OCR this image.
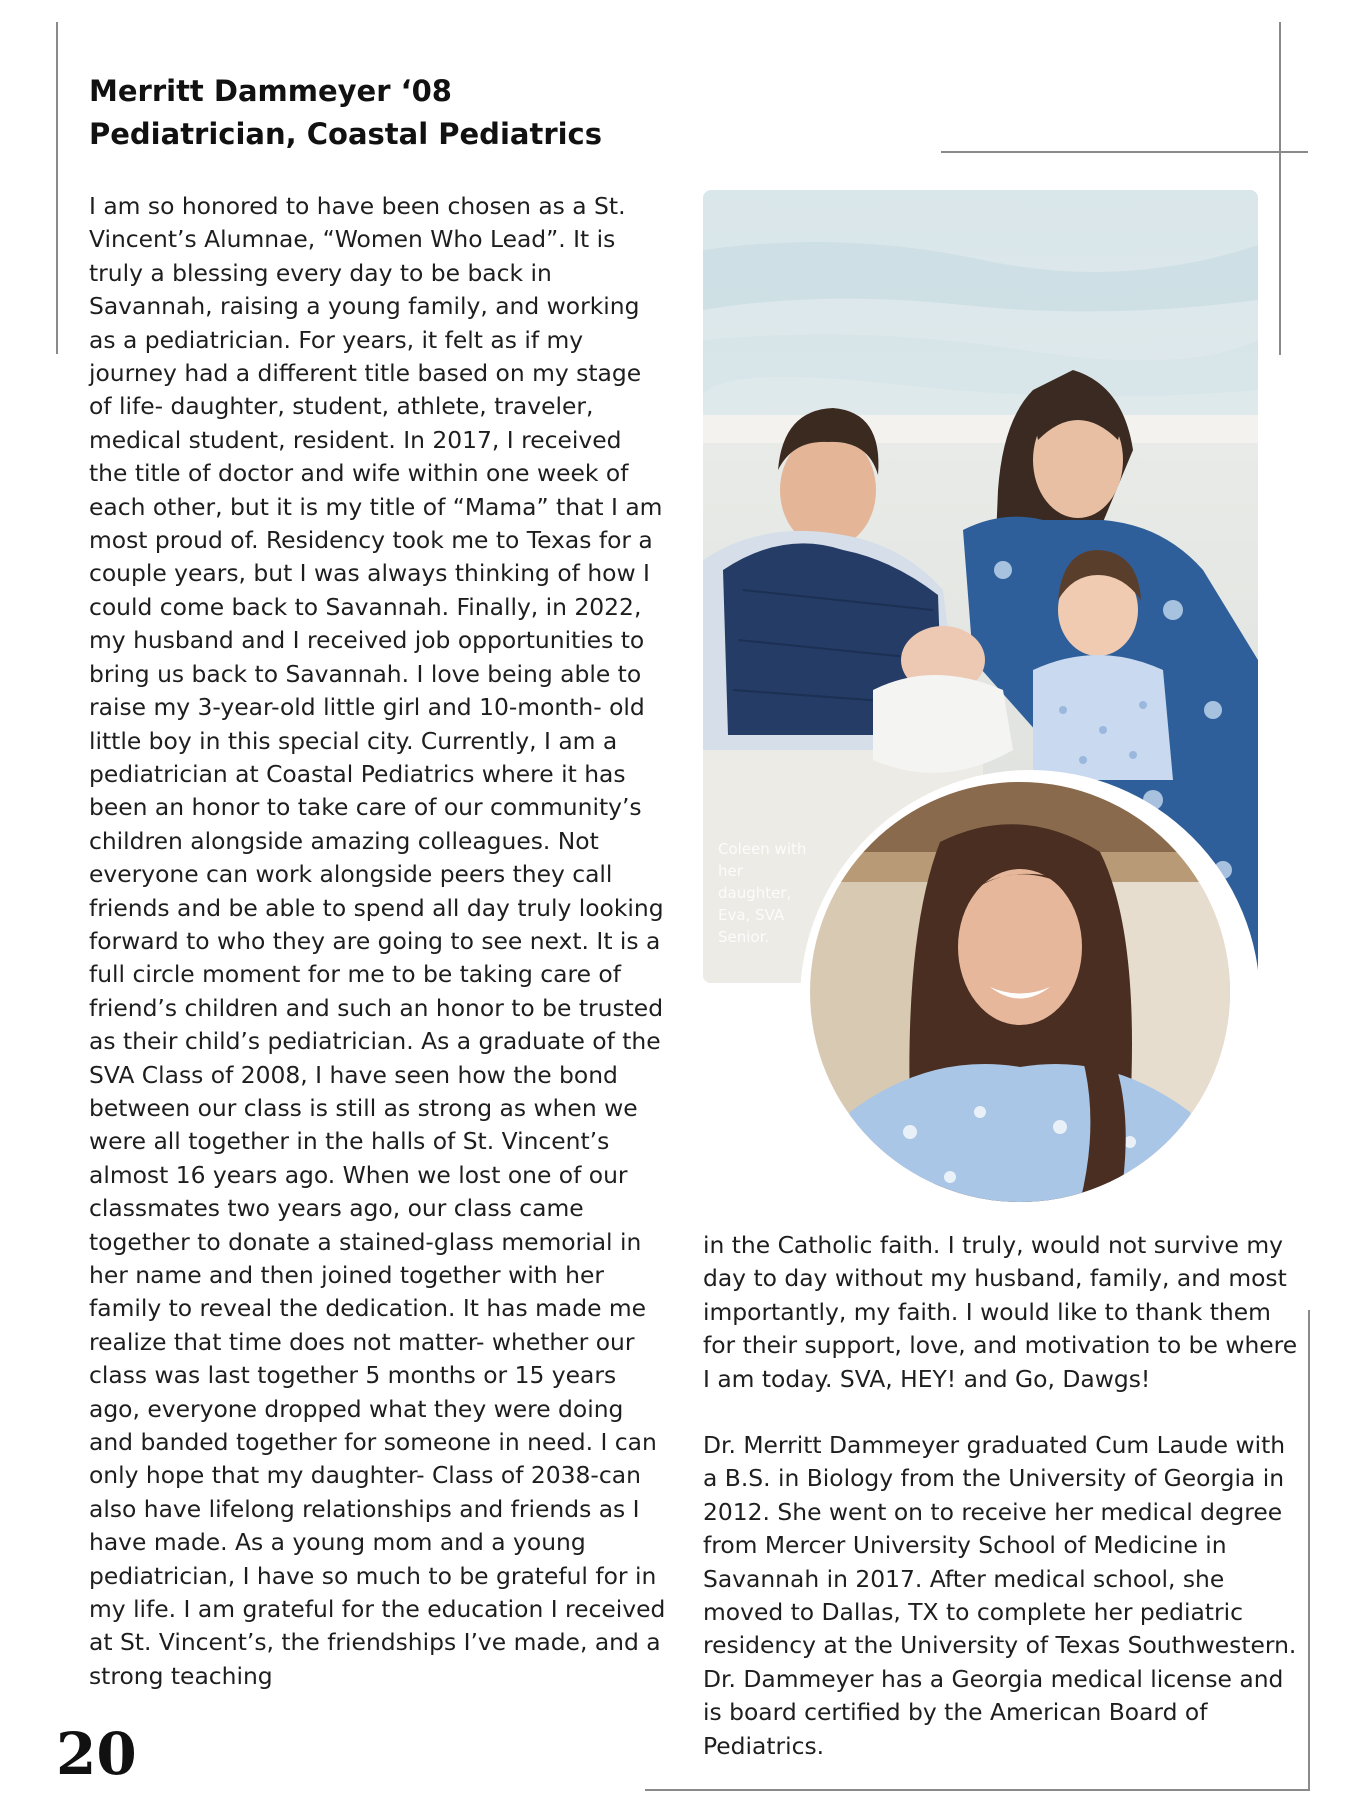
Merritt Dammeyer ‘08
Pediatrician, Coastal Pediatrics

I am so honored to have been chosen as a St. Vincent’s Alumnae, “Women Who Lead”. It is truly a blessing every day to be back in Savannah, raising a young family, and working as a pediatrician. For years, it felt as if my journey had a different title based on my stage of life- daughter, student, athlete, traveler, medical student, resident. In 2017, I received the title of doctor and wife within one week of each other, but it is my title of “Mama” that I am most proud of. Residency took me to Texas for a couple years, but I was always thinking of how I could come back to Savannah. Finally, in 2022, my husband and I received job opportunities to bring us back to Savannah. I love being able to raise my 3-year-old little girl and 10-month- old little boy in this special city. Currently, I am a pediatrician at Coastal Pediatrics where it has been an honor to take care of our community’s children alongside amazing colleagues. Not everyone can work alongside peers they call friends and be able to spend all day truly looking forward to who they are going to see next. It is a full circle moment for me to be taking care of friend’s children and such an honor to be trusted as their child’s pediatrician. As a graduate of the SVA Class of 2008, I have seen how the bond between our class is still as strong as when we were all together in the halls of St. Vincent’s almost 16 years ago. When we lost one of our classmates two years ago, our class came together to donate a stained-glass memorial in her name and then joined together with her family to reveal the dedication. It has made me realize that time does not matter- whether our class was last together 5 months or 15 years ago, everyone dropped what they were doing and banded together for someone in need. I can only hope that my daughter- Class of 2038-can also have lifelong relationships and friends as I have made. As a young mom and a young pediatrician, I have so much to be grateful for in my life. I am grateful for the education I received at St. Vincent’s, the friendships I’ve made, and a strong teaching

Coleen with her daughter, Eva, SVA Senior.

in the Catholic faith. I truly, would not survive my day to day without my husband, family, and most importantly, my faith. I would like to thank them for their support, love, and motivation to be where I am today. SVA, HEY! and Go, Dawgs!

Dr. Merritt Dammeyer graduated Cum Laude with a B.S. in Biology from the University of Georgia in 2012. She went on to receive her medical degree from Mercer University School of Medicine in Savannah in 2017. After medical school, she moved to Dallas, TX to complete her pediatric residency at the University of Texas Southwestern. Dr. Dammeyer has a Georgia medical license and is board certified by the American Board of Pediatrics.

20
